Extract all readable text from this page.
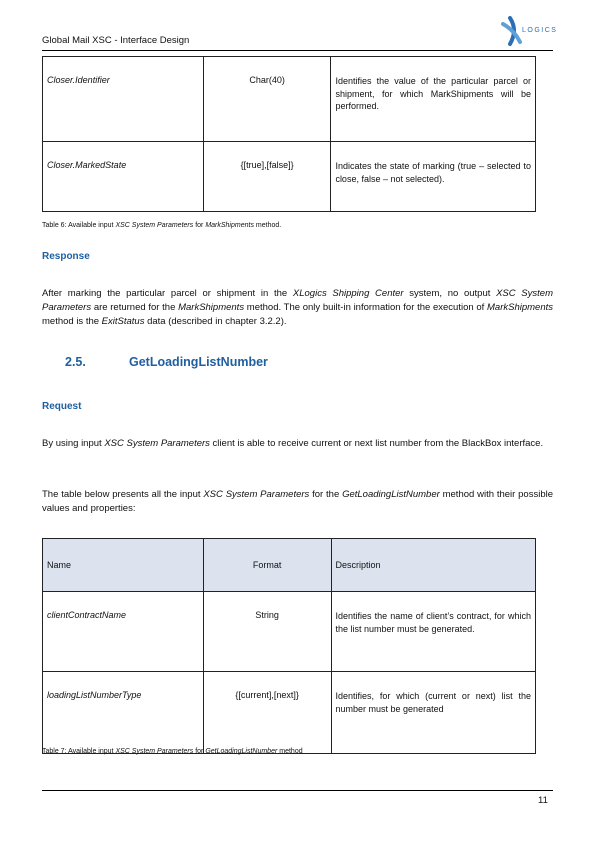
Global Mail XSC - Interface Design
LOGICS
Closer.Identifier	Char(40)	Identifies the value of the particular parcel or shipment, for which MarkShipments will be performed.
Closer.MarkedState	{[true],[false]}	Indicates the state of marking (true – selected to close, false – not selected).
Table 6: Available input XSC System Parameters for MarkShipments method.
Response
After marking the particular parcel or shipment in the XLogics Shipping Center system, no output XSC System Parameters are returned for the MarkShipments method. The only built-in information for the execution of MarkShipments method is the ExitStatus data (described in chapter 3.2.2).
2.5.	GetLoadingListNumber
Request
By using input XSC System Parameters client is able to receive current or next list number from the BlackBox interface.
The table below presents all the input XSC System Parameters for the GetLoadingListNumber method with their possible values and properties:
Name	Format	Description
clientContractName	String	Identifies the name of client’s contract, for which the list number must be generated.
loadingListNumberType	{[current],[next]}	Identifies, for which (current or next) list the number must be generated
Table 7: Available input XSC System Parameters for GetLoadingListNumber method
11
